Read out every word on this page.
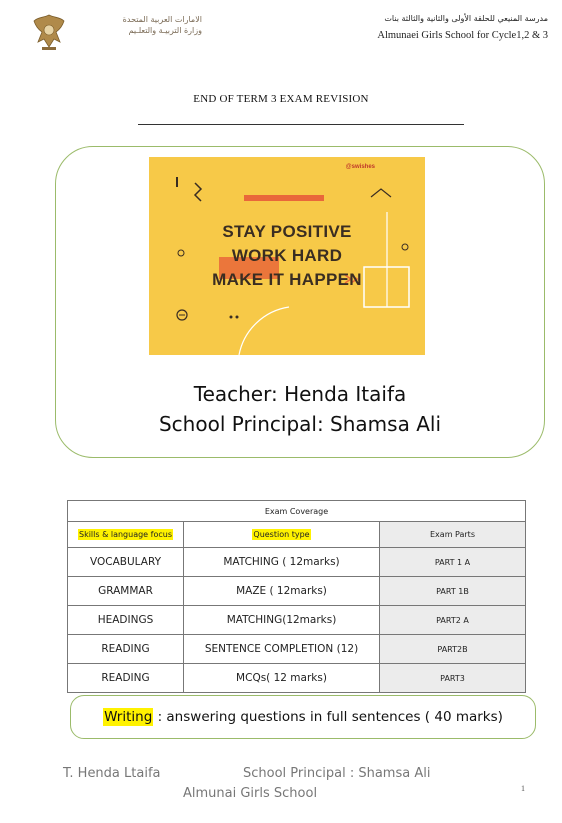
الامارات العربية المتحدة
وزارة التربيـة والتعلـيم
مدرسة المنيعي للحلقة الأولى والثانية والثالثة بنات
Almunaei Girls School for Cycle1,2 & 3
END OF TERM 3 EXAM REVISION
@swishes
STAY POSITIVE
WORK HARD
MAKE IT HAPPEN
Teacher: Henda Itaifa
School Principal: Shamsa Ali
Exam Coverage		
Skills & language focus	Question type	Exam Parts
VOCABULARY	MATCHING ( 12marks)	PART 1 A
GRAMMAR	MAZE ( 12marks)	PART 1B
HEADINGS	MATCHING(12marks)	PART2 A
READING	SENTENCE COMPLETION (12)	PART2B
READING	MCQs( 12 marks)	PART3
Writing : answering questions in full sentences ( 40 marks)
T. Henda Ltaifa	School Principal : Shamsa Ali
Almunai Girls School	1
